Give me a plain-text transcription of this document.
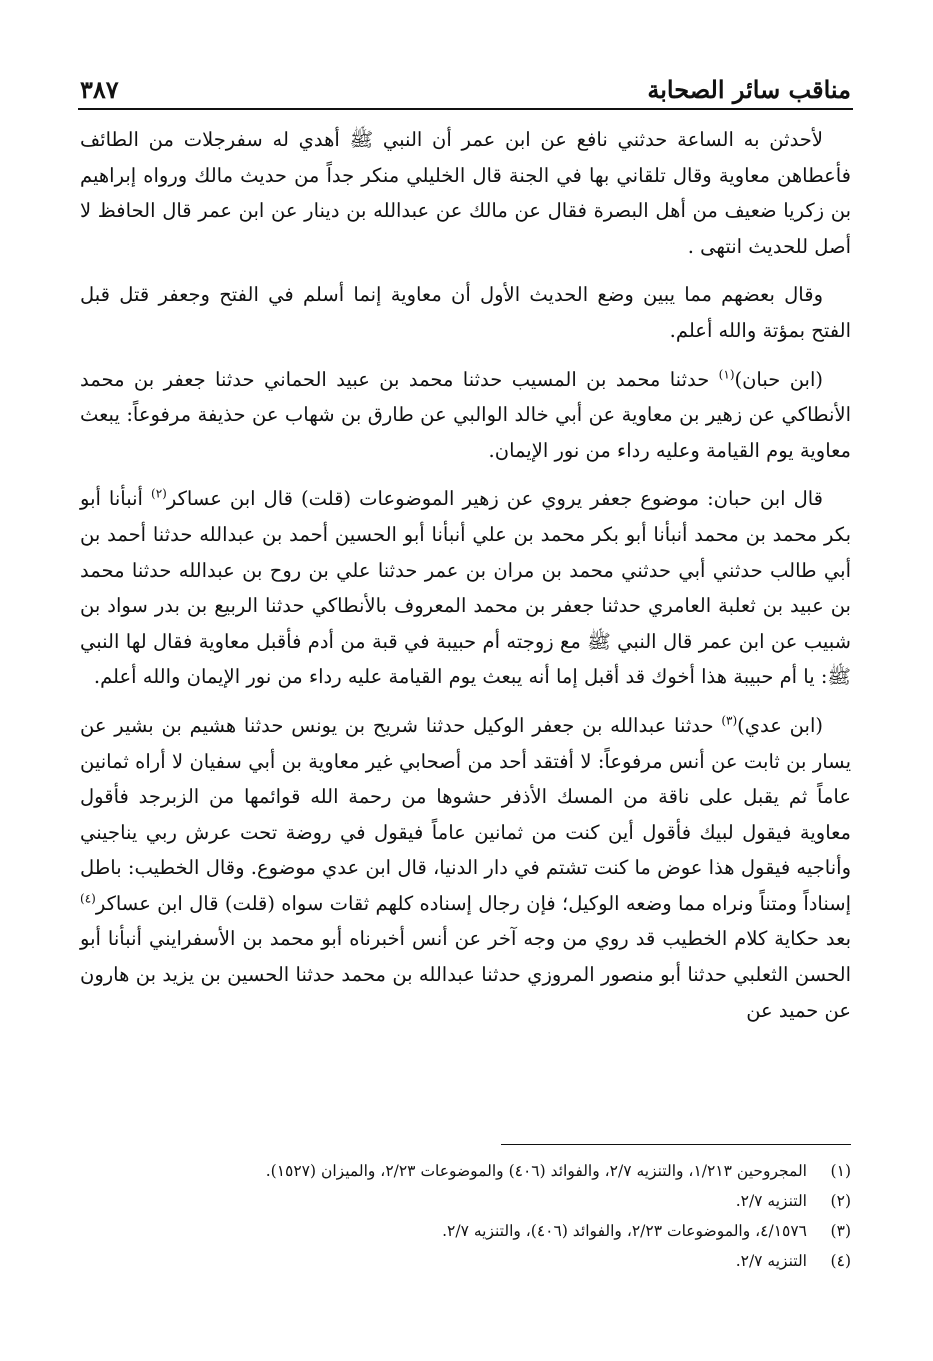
مناقب سائر الصحابة
٣٨٧

لأحدثن به الساعة حدثني نافع عن ابن عمر أن النبي ﷺ أهدي له سفرجلات من الطائف فأعطاهن معاوية وقال تلقاني بها في الجنة قال الخليلي منكر جداً من حديث مالك ورواه إبراهيم بن زكريا ضعيف من أهل البصرة فقال عن مالك عن عبدالله بن دينار عن ابن عمر قال الحافظ لا أصل للحديث انتهى .

وقال بعضهم مما يبين وضع الحديث الأول أن معاوية إنما أسلم في الفتح وجعفر قتل قبل الفتح بمؤتة والله أعلم.

(ابن حبان)$^{(١)}$ حدثنا محمد بن المسيب حدثنا محمد بن عبيد الحماني حدثنا جعفر بن محمد الأنطاكي عن زهير بن معاوية عن أبي خالد الوالبي عن طارق بن شهاب عن حذيفة مرفوعاً: يبعث معاوية يوم القيامة وعليه رداء من نور الإيمان.

قال ابن حبان: موضوع جعفر يروي عن زهير الموضوعات (قلت) قال ابن عساكر$^{(٢)}$ أنبأنا أبو بكر محمد بن محمد أنبأنا أبو بكر محمد بن علي أنبأنا أبو الحسين أحمد بن عبدالله حدثنا أحمد بن أبي طالب حدثني أبي حدثني محمد بن مران بن عمر حدثنا علي بن روح بن عبدالله حدثنا محمد بن عبيد بن ثعلبة العامري حدثنا جعفر بن محمد المعروف بالأنطاكي حدثنا الربيع بن بدر سواد بن شبيب عن ابن عمر قال النبي ﷺ مع زوجته أم حبيبة في قبة من أدم فأقبل معاوية فقال لها النبي ﷺ: يا أم حبيبة هذا أخوك قد أقبل إما أنه يبعث يوم القيامة عليه رداء من نور الإيمان والله أعلم.

(ابن عدي)$^{(٣)}$ حدثنا عبدالله بن جعفر الوكيل حدثنا شريح بن يونس حدثنا هشيم بن بشير عن يسار بن ثابت عن أنس مرفوعاً: لا أفتقد أحد من أصحابي غير معاوية بن أبي سفيان لا أراه ثمانين عاماً ثم يقبل على ناقة من المسك الأذفر حشوها من رحمة الله قوائمها من الزبرجد فأقول معاوية فيقول لبيك فأقول أين كنت من ثمانين عاماً فيقول في روضة تحت عرش ربي يناجيني وأناجيه فيقول هذا عوض ما كنت تشتم في دار الدنيا، قال ابن عدي موضوع. وقال الخطيب: باطل إسناداً ومتناً ونراه مما وضعه الوكيل؛ فإن رجال إسناده كلهم ثقات سواه (قلت) قال ابن عساكر$^{(٤)}$ بعد حكاية كلام الخطيب قد روي من وجه آخر عن أنس أخبرناه أبو محمد بن الأسفرايني أنبأنا أبو الحسن الثعلبي حدثنا أبو منصور المروزي حدثنا عبدالله بن محمد حدثنا الحسين بن يزيد بن هارون عن حميد عن

(١)
المجروحين ١/٢١٣، والتنزيه ٢/٧، والفوائد (٤٠٦) والموضوعات ٢/٢٣، والميزان (١٥٢٧).
(٢)
التنزيه ٢/٧.
(٣)
٤/١٥٧٦، والموضوعات ٢/٢٣، والفوائد (٤٠٦)، والتنزيه ٢/٧.
(٤)
التنزيه ٢/٧.
